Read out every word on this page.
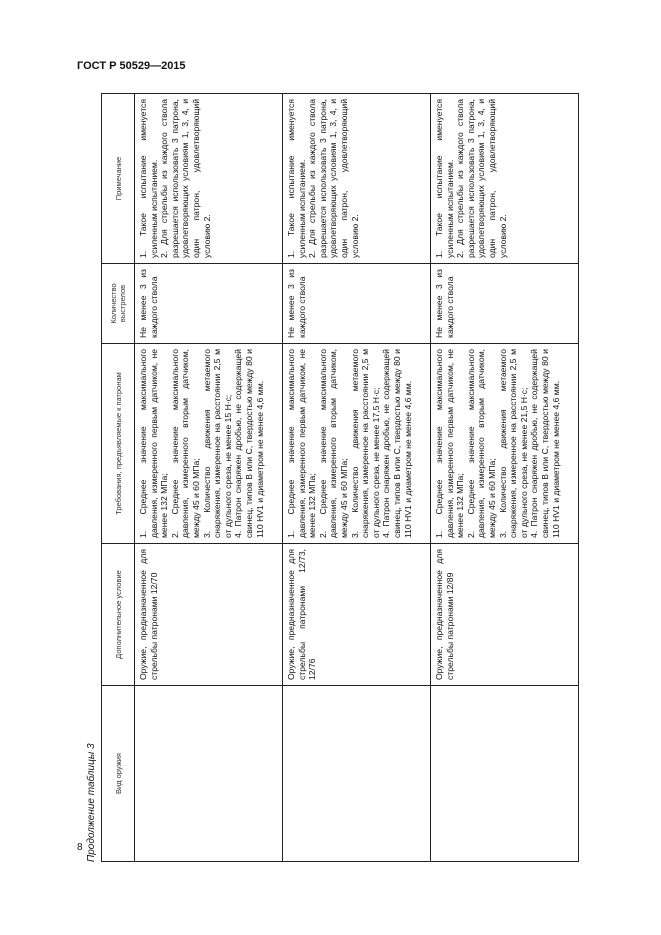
ГОСТ Р 50529—2015
Продолжение таблицы 3	Вид оружия	Дополнительное условие	Требования, предъявляемые к патронам	Количество выстрелов	Примечание
	Оружие, предназначенное для стрельбы патронами 12/70	1. Среднее значение максимального давления, измеренного первым датчиком, не менее 132 МПа; 2. Среднее значение максимального давления, измеренного вторым датчиком, между 45 и 60 МПа; 3. Количество движения метаемого снаряжения, измеренное на расстоянии 2,5 м от дульного среза, не менее 15 Н·с; 4. Патрон снаряжен дробью, не содержащей свинец, типов В или С, твердостью между 80 и 110 HV1 и диаметром не менее 4,6 мм.	Не менее 3 из каждого ствола	1. Такое испытание именуется усиленным испытанием. 2. Для стрельбы из каждого ствола разрешается использовать 3 патрона, удовлетворяющих условиям 1, 3, 4, и один патрон, удовлетворяющий условию 2.

	Оружие, предназначенное для стрельбы патронами 12/73, 12/76	1. Среднее значение максимального давления, измеренного первым датчиком, не менее 132 МПа; 2. Среднее значение максимального давления, измеренного вторым датчиком, между 45 и 60 МПа; 3. Количество движения метаемого снаряжения, измеренное на расстоянии 2,5 м от дульного среза, не менее 17,5 Н·с; 4. Патрон снаряжен дробью, не содержащей свинец, типов В или С, твердостью между 80 и 110 HV1 и диаметром не менее 4,6 мм.	Не менее 3 из каждого ствола	1. Такое испытание именуется усиленным испытанием. 2. Для стрельбы из каждого ствола разрешается использовать 3 патрона, удовлетворяющих условиям 1, 3, 4, и один патрон, удовлетворяющий условию 2.

	Оружие, предназначенное для стрельбы патронами 12/89	1. Среднее значение максимального давления, измеренного первым датчиком, не менее 132 МПа; 2. Среднее значение максимального давления, измеренного вторым датчиком, между 45 и 60 МПа; 3. Количество движения метаемого снаряжения, измеренное на расстоянии 2,5 м от дульного среза, не менее 21,5 Н·с; 4. Патрон снаряжен дробью, не содержащей свинец, типов В или С, твердостью между 80 и 110 HV1 и диаметром не менее 4,6 мм.	Не менее 3 из каждого ствола	1. Такое испытание именуется усиленным испытанием. 2. Для стрельбы из каждого ствола разрешается использовать 3 патрона, удовлетворяющих условиям 1, 3, 4, и один патрон, удовлетворяющий условию 2.
8
